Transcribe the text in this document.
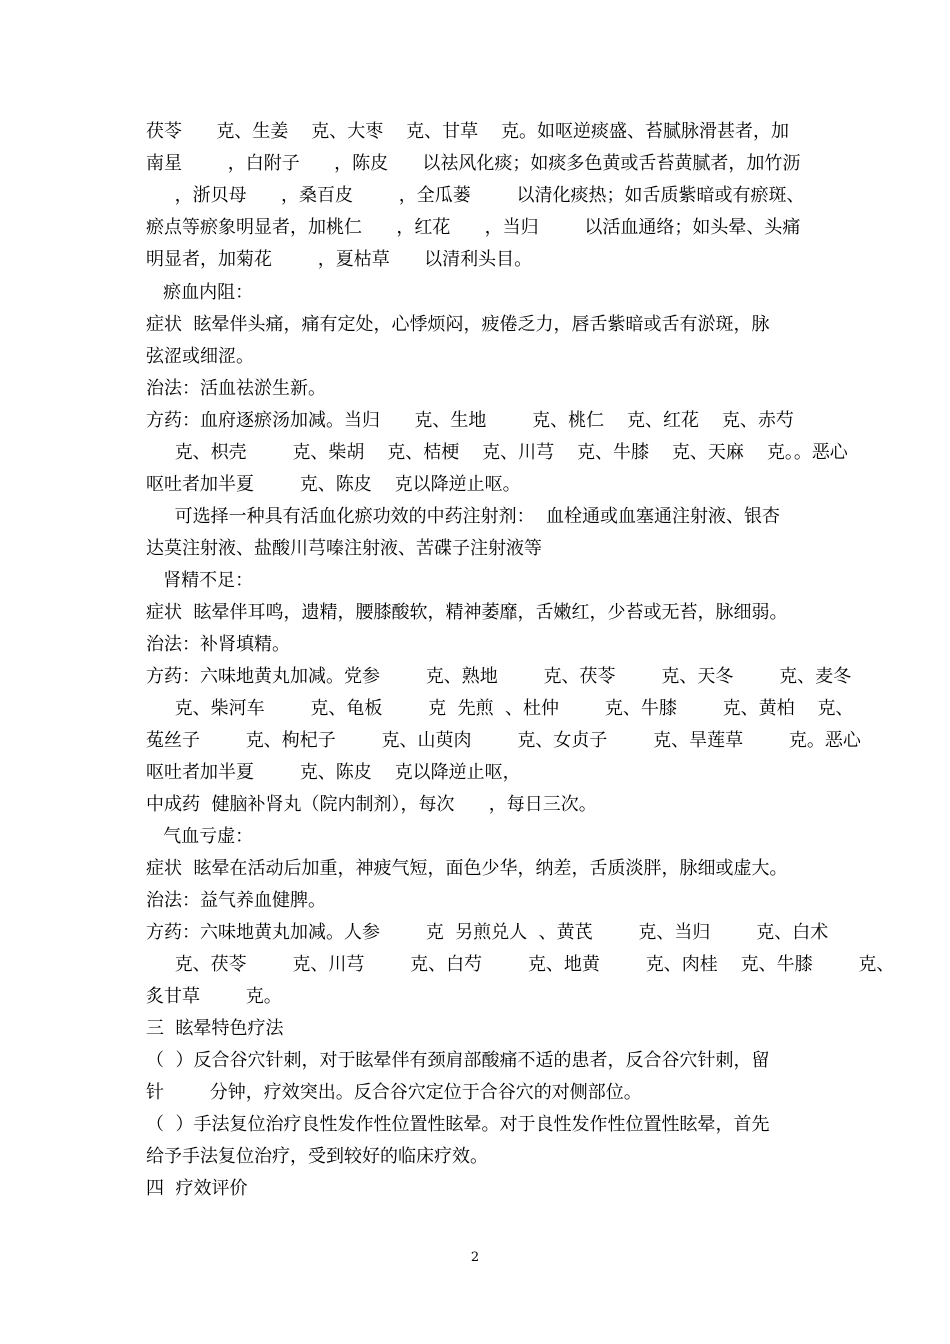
茯苓      克、生姜    克、大枣    克、甘草    克。如呕逆痰盛、苔腻脉滑甚者，加
南星        ，白附子      ，陈皮      以祛风化痰；如痰多色黄或舌苔黄腻者，加竹沥
，浙贝母      ，桑百皮        ，全瓜蒌        以清化痰热；如舌质紫暗或有瘀斑、
瘀点等瘀象明显者，加桃仁      ，红花      ，当归        以活血通络；如头晕、头痛
明显者，加菊花        ，夏枯草      以清利头目。
瘀血内阻：
症状  眩晕伴头痛，痛有定处，心悸烦闷，疲倦乏力，唇舌紫暗或舌有淤斑，脉
弦涩或细涩。
治法：活血祛淤生新。
方药：血府逐瘀汤加减。当归      克、生地        克、桃仁    克、红花    克、赤芍
克、枳壳        克、柴胡    克、桔梗    克、川芎    克、牛膝    克、天麻    克。。恶心
呕吐者加半夏        克、陈皮    克以降逆止呕。
可选择一种具有活血化瘀功效的中药注射剂：  血栓通或血塞通注射液、银杏
达莫注射液、盐酸川芎嗪注射液、苦碟子注射液等
肾精不足：
症状  眩晕伴耳鸣，遗精，腰膝酸软，精神萎靡，舌嫩红，少苔或无苔，脉细弱。
治法：补肾填精。
方药：六味地黄丸加减。党参        克、熟地        克、茯苓        克、天冬        克、麦冬
克、柴河车        克、龟板        克  先煎  、杜仲        克、牛膝        克、黄柏    克、
菟丝子        克、枸杞子        克、山萸肉        克、女贞子        克、旱莲草        克。恶心
呕吐者加半夏        克、陈皮    克以降逆止呕，
中成药  健脑补肾丸（院内制剂），每次      ，每日三次。
气血亏虚：
症状  眩晕在活动后加重，神疲气短，面色少华，纳差，舌质淡胖，脉细或虚大。
治法：益气养血健脾。
方药：六味地黄丸加减。人参        克  另煎兑人  、黄芪        克、当归        克、白术
克、茯苓        克、川芎        克、白芍        克、地黄        克、肉桂    克、牛膝        克、
炙甘草        克。
三  眩晕特色疗法
（  ）反合谷穴针刺，对于眩晕伴有颈肩部酸痛不适的患者，反合谷穴针刺，留
针        分钟，疗效突出。反合谷穴定位于合谷穴的对侧部位。
（  ）手法复位治疗良性发作性位置性眩晕。对于良性发作性位置性眩晕，首先
给予手法复位治疗，受到较好的临床疗效。
四  疗效评价
2
